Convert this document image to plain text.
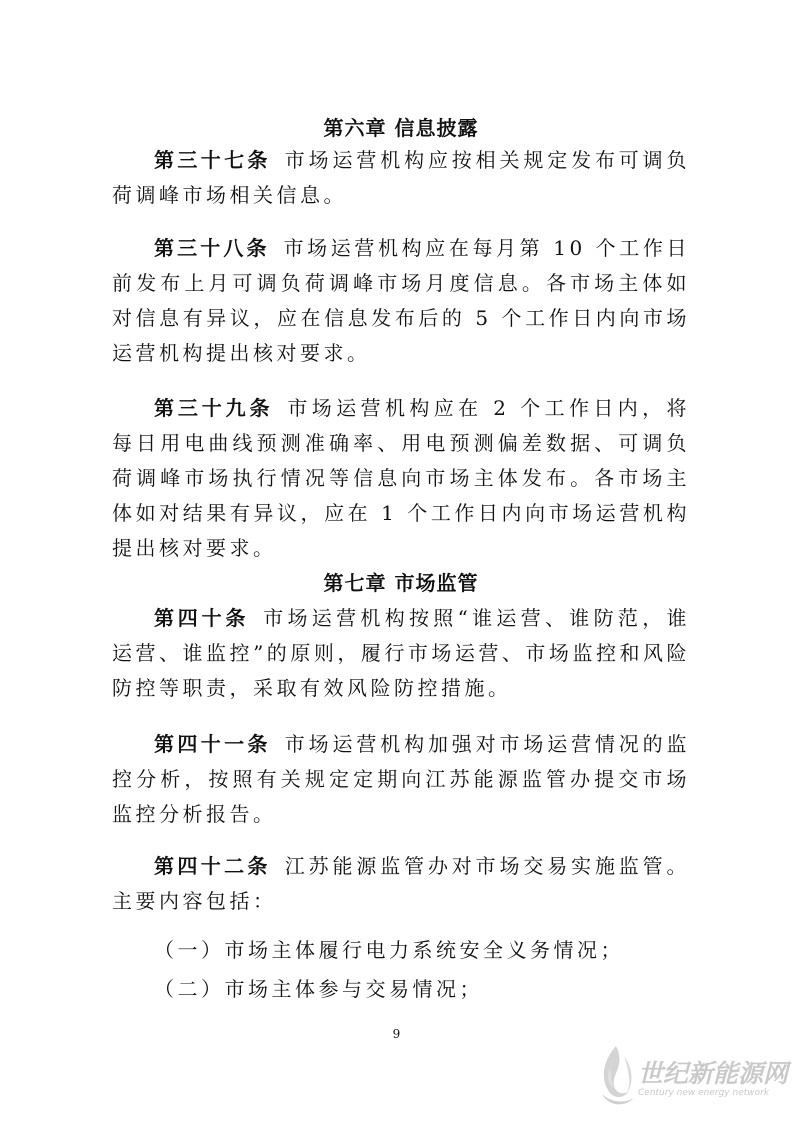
第六章 信息披露

第三十七条 市场运营机构应按相关规定发布可调负荷调峰市场相关信息。

第三十八条 市场运营机构应在每月第 10 个工作日前发布上月可调负荷调峰市场月度信息。各市场主体如对信息有异议，应在信息发布后的 5 个工作日内向市场运营机构提出核对要求。

第三十九条 市场运营机构应在 2 个工作日内，将每日用电曲线预测准确率、用电预测偏差数据、可调负荷调峰市场执行情况等信息向市场主体发布。各市场主体如对结果有异议，应在 1 个工作日内向市场运营机构提出核对要求。

第七章 市场监管

第四十条 市场运营机构按照“谁运营、谁防范，谁运营、谁监控”的原则，履行市场运营、市场监控和风险防控等职责，采取有效风险防控措施。

第四十一条 市场运营机构加强对市场运营情况的监控分析，按照有关规定定期向江苏能源监管办提交市场监控分析报告。

第四十二条 江苏能源监管办对市场交易实施监管。主要内容包括：

（一）市场主体履行电力系统安全义务情况；

（二）市场主体参与交易情况；

9
世纪新能源网
Century new energy network
